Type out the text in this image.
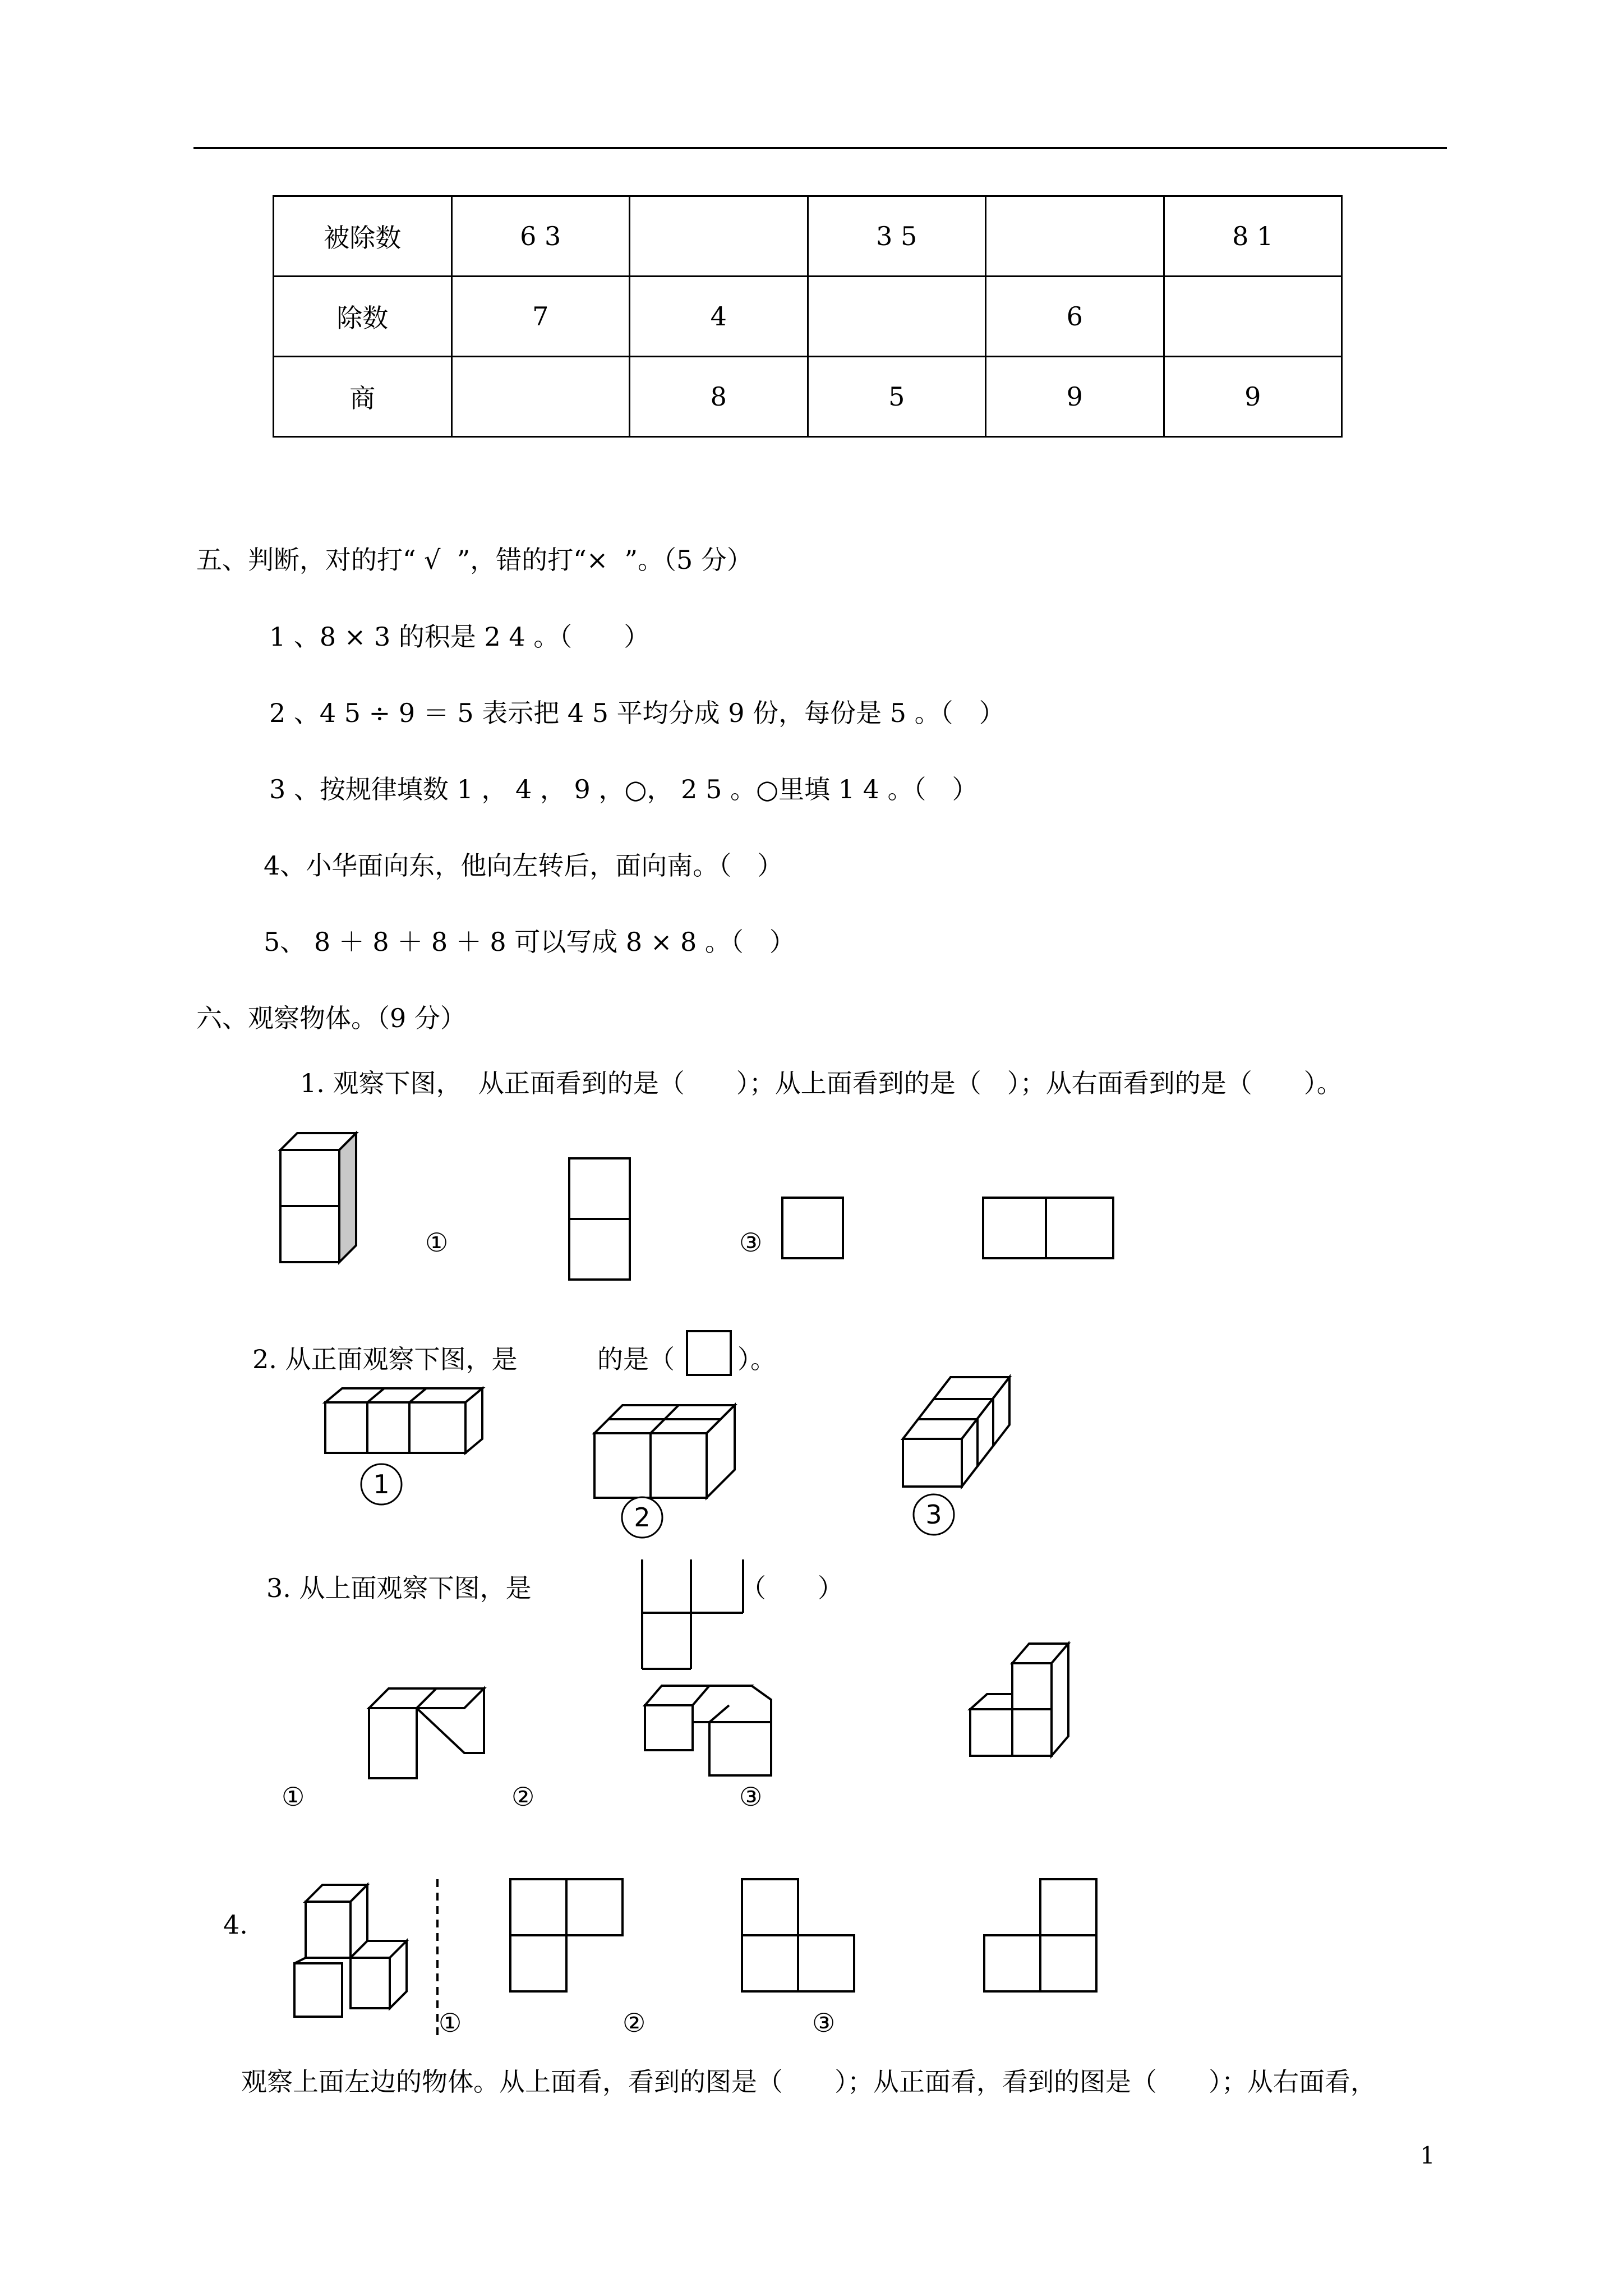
被除数	6 3		3 5		8 1
除数	7	4		6	
商		8	5	9	9
五、判断，对的打“ √  ”，错的打“×  ”。（5 分）
1 、8 × 3 的积是 2 4 。（　　）
2 、4 5 ÷ 9 ＝ 5 表示把 4 5 平均分成 9 份，每份是 5 。（　）
3 、按规律填数 1 ， 4 ， 9 ，○， 2 5 。○里填 1 4 。（　）
4、小华面向东，他向左转后，面向南。（　）
5、 8 ＋ 8 ＋ 8 ＋ 8 可以写成 8 × 8 。（　）
六、观察物体。（9 分）
1. 观察下图，  从正面看到的是（　　）；从上面看到的是（　）；从右面看到的是（　　）。
①	③
2. 从正面观察下图，是	的是（ ）。
1
2	3
3. 从上面观察下图，是	（　　）
①	②	③
4.
①	②	③
观察上面左边的物体。从上面看，看到的图是（　　）；从正面看，看到的图是（　　）；从右面看，
1
